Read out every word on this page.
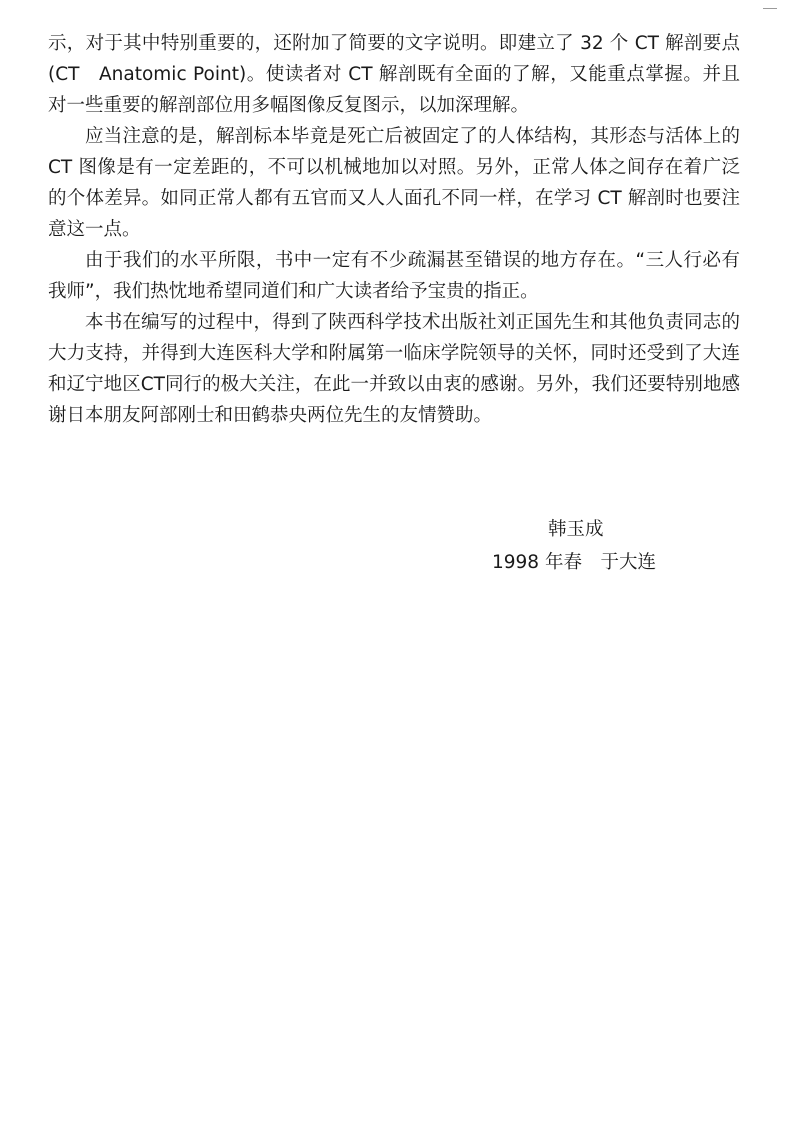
示，对于其中特别重要的，还附加了简要的文字说明。即建立了 32 个 CT 解剖要点 (CT　Anatomic Point)。使读者对 CT 解剖既有全面的了解，又能重点掌握。并且对一些重要的解剖部位用多幅图像反复图示，以加深理解。

应当注意的是，解剖标本毕竟是死亡后被固定了的人体结构，其形态与活体上的 CT 图像是有一定差距的，不可以机械地加以对照。另外，正常人体之间存在着广泛的个体差异。如同正常人都有五官而又人人面孔不同一样，在学习 CT 解剖时也要注意这一点。

由于我们的水平所限，书中一定有不少疏漏甚至错误的地方存在。“三人行必有我师”，我们热忱地希望同道们和广大读者给予宝贵的指正。

本书在编写的过程中，得到了陕西科学技术出版社刘正国先生和其他负责同志的大力支持，并得到大连医科大学和附属第一临床学院领导的关怀，同时还受到了大连和辽宁地区CT同行的极大关注，在此一并致以由衷的感谢。另外，我们还要特别地感谢日本朋友阿部刚士和田鹤恭央两位先生的友情赞助。

韩玉成
1998 年春　于大连
